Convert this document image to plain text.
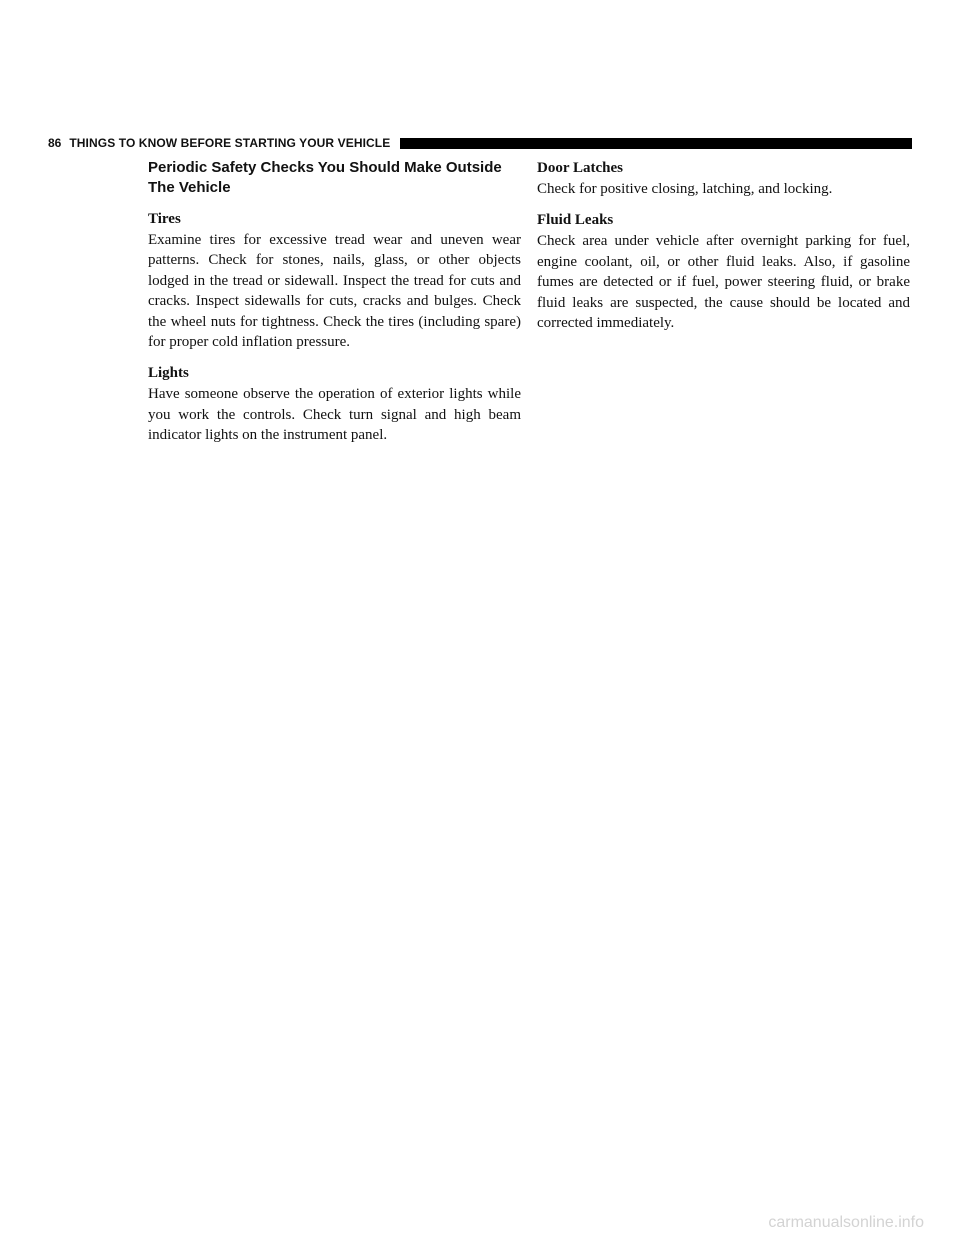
86 THINGS TO KNOW BEFORE STARTING YOUR VEHICLE
Periodic Safety Checks You Should Make Outside The Vehicle
Tires

Examine tires for excessive tread wear and uneven wear patterns. Check for stones, nails, glass, or other objects lodged in the tread or sidewall. Inspect the tread for cuts and cracks. Inspect sidewalls for cuts, cracks and bulges. Check the wheel nuts for tightness. Check the tires (including spare) for proper cold inflation pressure.

Lights

Have someone observe the operation of exterior lights while you work the controls. Check turn signal and high beam indicator lights on the instrument panel.

Door Latches

Check for positive closing, latching, and locking.

Fluid Leaks

Check area under vehicle after overnight parking for fuel, engine coolant, oil, or other fluid leaks. Also, if gasoline fumes are detected or if fuel, power steering fluid, or brake fluid leaks are suspected, the cause should be located and corrected immediately.

carmanualsonline.info
